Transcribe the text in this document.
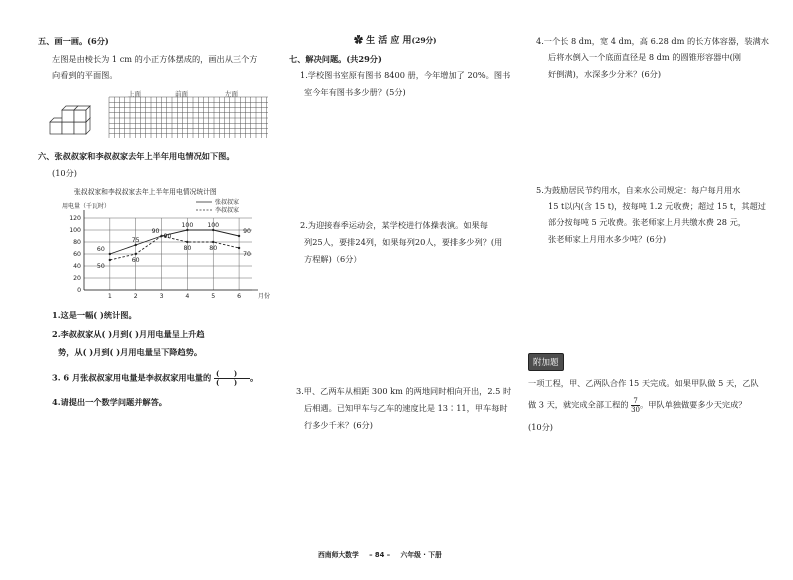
五、画一画。(6分)
左图是由棱长为 1 cm 的小正方体摆成的，画出从三个方
向看到的平面图。
上面	前面	左面
六、张叔叔家和李叔叔家去年上半年用电情况如下图。
(10分)
张叔叔家和李叔叔家去年上半年用电情况统计图
用电量（千瓦时）
0
20
40
60
80
100
120
1	2	3	4	5	6	月份
张叔叔家
李叔叔家
60
75
90
100 100
90
50
60
90
80	80
70
1.这是一幅( )统计图。
2.李叔叔家从( )月到( )月用电量呈上升趋
势，从( )月到( )月用电量呈下降趋势。
3. 6 月张叔叔家用电量是李叔叔家用电量的 $\frac{( )}{( )}$ 。
4.请提出一个数学问题并解答。
✿ 生 活 应 用(29分)
七、解决问题。(共29分)
1.学校图书室原有图书 8400 册，今年增加了 20%。图书
室今年有图书多少册？(5分)
2.为迎接春季运动会，某学校进行体操表演。如果每
列25人，要排24列，如果每列20人，要排多少列？(用
方程解)（6分）
3.甲、乙两车从相距 300 km 的两地同时相向开出，2.5 时
后相遇。已知甲车与乙车的速度比是 13∶11，甲车每时
行多少千米？(6分)
4.一个长 8 dm，宽 4 dm，高 6.28 dm 的长方体容器，装满水
后将水倒入一个底面直径是 8 dm 的圆锥形容器中(刚
好倒满)，水深多少分米？(6分)
5.为鼓励居民节约用水，自来水公司规定：每户每月用水
15 t以内(含 15 t)，按每吨 1.2 元收费；超过 15 t，其超过
部分按每吨 5 元收费。张老师家上月共缴水费 28 元，
张老师家上月用水多少吨？(6分)
附加题
一项工程，甲、乙两队合作 15 天完成。如果甲队做 5 天，乙队
做 3 天，就完成全部工程的 $\frac{7}{30}$ 。甲队单独做要多少天完成？
(10分)
西南师大数学 – 84 – 六年级 · 下册
